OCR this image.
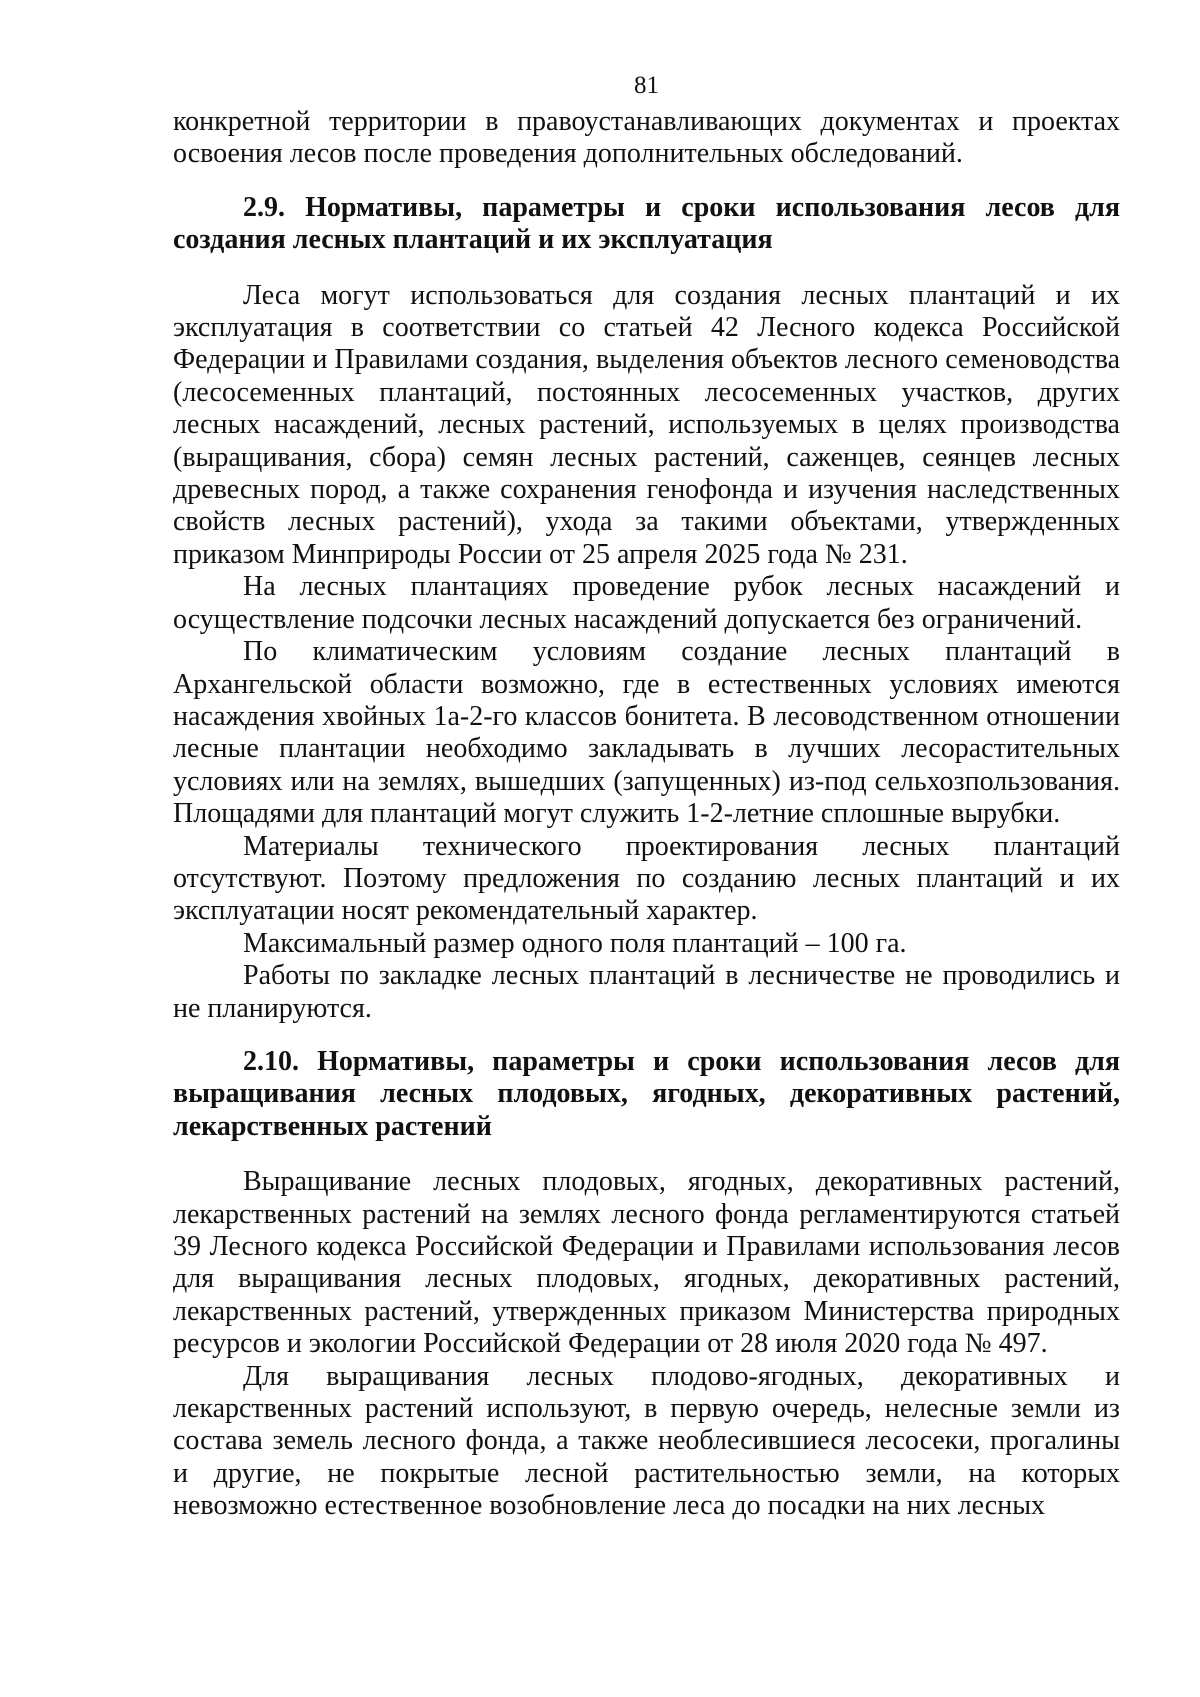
81

конкретной территории в правоустанавливающих документах и проектах освоения лесов после проведения дополнительных обследований.

2.9. Нормативы, параметры и сроки использования лесов для создания лесных плантаций и их эксплуатация

Леса могут использоваться для создания лесных плантаций и их эксплуатация в соответствии со статьей 42 Лесного кодекса Российской Федерации и Правилами создания, выделения объектов лесного семеноводства (лесосеменных плантаций, постоянных лесосеменных участков, других лесных насаждений, лесных растений, используемых в целях производства (выращивания, сбора) семян лесных растений, саженцев, сеянцев лесных древесных пород, а также сохранения генофонда и изучения наследственных свойств лесных растений), ухода за такими объектами, утвержденных приказом Минприроды России от 25 апреля 2025 года № 231.

На лесных плантациях проведение рубок лесных насаждений и осуществление подсочки лесных насаждений допускается без ограничений.

По климатическим условиям создание лесных плантаций в Архангельской области возможно, где в естественных условиях имеются насаждения хвойных 1а-2-го классов бонитета. В лесоводственном отношении лесные плантации необходимо закладывать в лучших лесорастительных условиях или на землях, вышедших (запущенных) из-под сельхозпользования. Площадями для плантаций могут служить 1-2-летние сплошные вырубки.

Материалы технического проектирования лесных плантаций отсутствуют. Поэтому предложения по созданию лесных плантаций и их эксплуатации носят рекомендательный характер.

Максимальный размер одного поля плантаций – 100 га.

Работы по закладке лесных плантаций в лесничестве не проводились и не планируются.

2.10. Нормативы, параметры и сроки использования лесов для выращивания лесных плодовых, ягодных, декоративных растений, лекарственных растений

Выращивание лесных плодовых, ягодных, декоративных растений, лекарственных растений на землях лесного фонда регламентируются статьей 39 Лесного кодекса Российской Федерации и Правилами использования лесов для выращивания лесных плодовых, ягодных, декоративных растений, лекарственных растений, утвержденных приказом Министерства природных ресурсов и экологии Российской Федерации от 28 июля 2020 года № 497.

Для выращивания лесных плодово-ягодных, декоративных и лекарственных растений используют, в первую очередь, нелесные земли из состава земель лесного фонда, а также необлесившиеся лесосеки, прогалины и другие, не покрытые лесной растительностью земли, на которых невозможно естественное возобновление леса до посадки на них лесных
